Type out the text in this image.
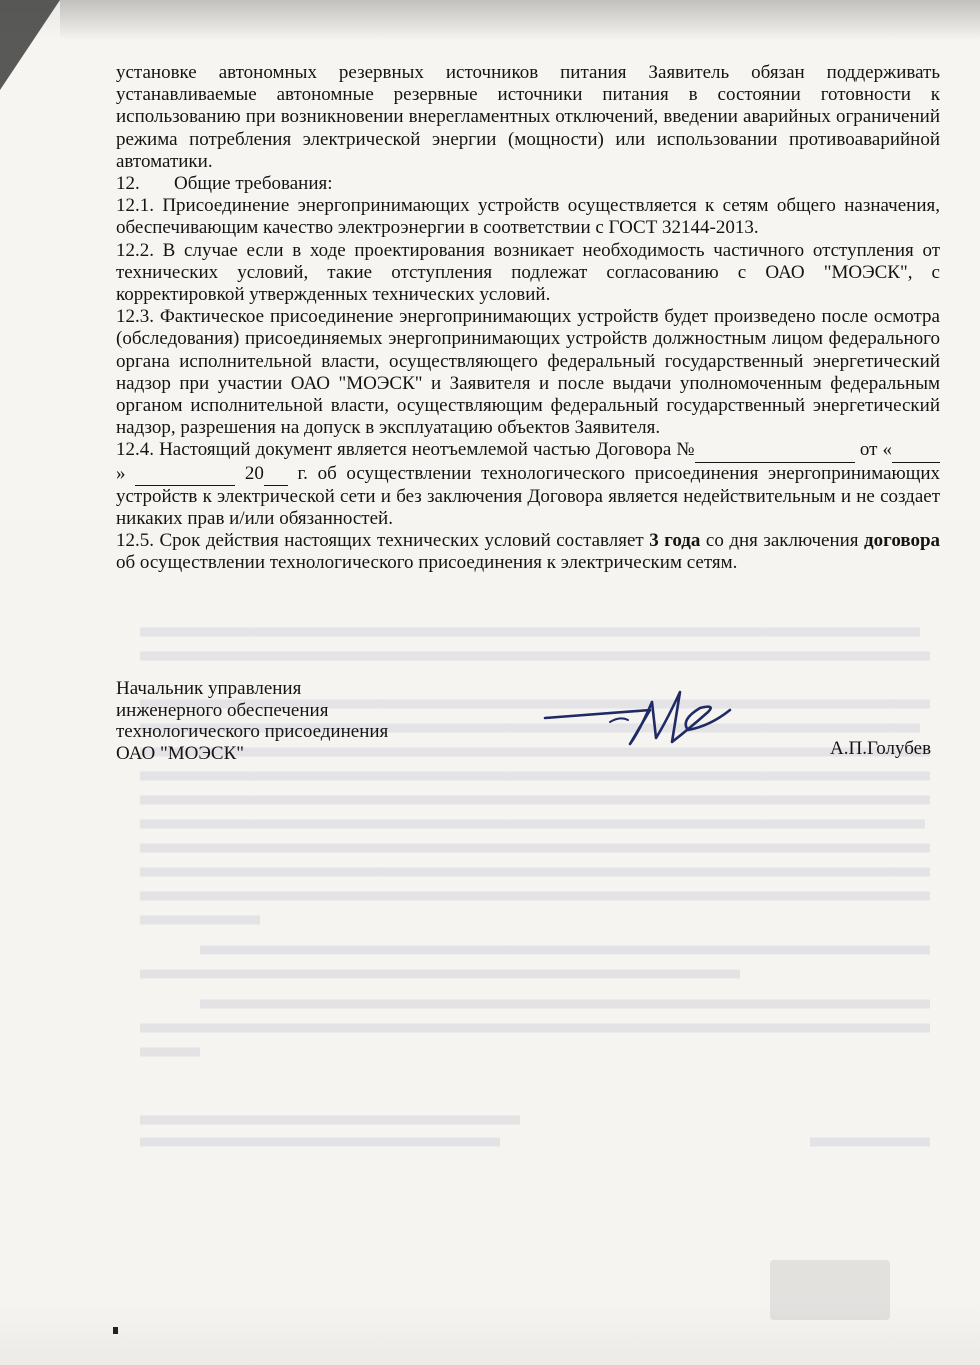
установке автономных резервных источников питания Заявитель обязан поддерживать устанавливаемые автономные резервные источники питания в состоянии готовности к использованию при возникновении внерегламентных отключений, введении аварийных ограничений режима потребления электрической энергии (мощности) или использовании противоаварийной автоматики.

12.	Общие требования:

12.1. Присоединение энергопринимающих устройств осуществляется к сетям общего назначения, обеспечивающим качество электроэнергии в соответствии с ГОСТ 32144-2013.

12.2. В случае если в ходе проектирования возникает необходимость частичного отступления от технических условий, такие отступления подлежат согласованию с ОАО "МОЭСК", с корректировкой утвержденных технических условий.

12.3. Фактическое присоединение энергопринимающих устройств будет произведено после осмотра (обследования) присоединяемых энергопринимающих устройств должностным лицом федерального органа исполнительной власти, осуществляющего федеральный государственный энергетический надзор при участии ОАО "МОЭСК" и Заявителя и после выдачи уполномоченным федеральным органом исполнительной власти, осуществляющим федеральный государственный энергетический надзор, разрешения на допуск в эксплуатацию объектов Заявителя.

12.4. Настоящий документ является неотъемлемой частью Договора №	от « »	20 г. об осуществлении технологического присоединения энергопринимающих устройств к электрической сети и без заключения Договора является недействительным и не создает никаких прав и/или обязанностей.

12.5. Срок действия настоящих технических условий составляет 3 года со дня заключения договора об осуществлении технологического присоединения к электрическим сетям.

Начальник управления
инженерного обеспечения
технологического присоединения
ОАО "МОЭСК"	А.П.Голубев
